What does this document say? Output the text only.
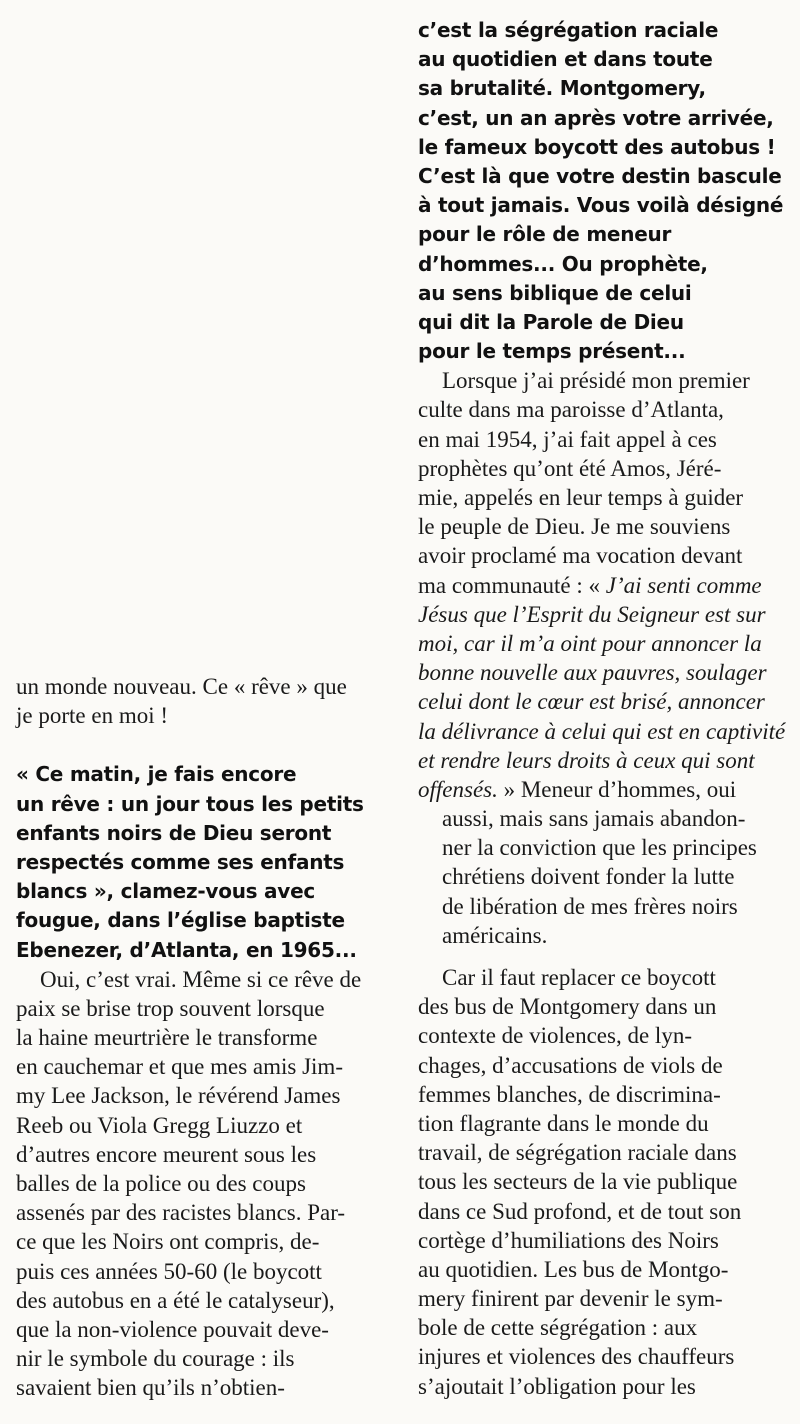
un monde nouveau. Ce « rêve » que
je porte en moi !
« Ce matin, je fais encore
un rêve : un jour tous les petits
enfants noirs de Dieu seront
respectés comme ses enfants
blancs », clamez-vous avec
fougue, dans l’église baptiste
Ebenezer, d’Atlanta, en 1965...
Oui, c’est vrai. Même si ce rêve de
paix se brise trop souvent lorsque
la haine meurtrière le transforme
en cauchemar et que mes amis Jim-
my Lee Jackson, le révérend James
Reeb ou Viola Gregg Liuzzo et
d’autres encore meurent sous les
balles de la police ou des coups
assenés par des racistes blancs. Par-
ce que les Noirs ont compris, de-
puis ces années 50-60 (le boycott
des autobus en a été le catalyseur),
que la non-violence pouvait deve-
nir le symbole du courage : ils
savaient bien qu’ils n’obtien-
c’est la ségrégation raciale
au quotidien et dans toute
sa brutalité. Montgomery,
c’est, un an après votre arrivée,
le fameux boycott des autobus !
C’est là que votre destin bascule
à tout jamais. Vous voilà désigné
pour le rôle de meneur
d’hommes... Ou prophète,
au sens biblique de celui
qui dit la Parole de Dieu
pour le temps présent...
Lorsque j’ai présidé mon premier
culte dans ma paroisse d’Atlanta,
en mai 1954, j’ai fait appel à ces
prophètes qu’ont été Amos, Jéré-
mie, appelés en leur temps à guider
le peuple de Dieu. Je me souviens
avoir proclamé ma vocation devant
ma communauté : « J’ai senti comme
Jésus que l’Esprit du Seigneur est sur
moi, car il m’a oint pour annoncer la
bonne nouvelle aux pauvres, soulager
celui dont le cœur est brisé, annoncer
la délivrance à celui qui est en captivité
et rendre leurs droits à ceux qui sont
offensés. » Meneur d’hommes, oui
aussi, mais sans jamais abandon-
ner la conviction que les principes
chrétiens doivent fonder la lutte
de libération de mes frères noirs
américains.
Car il faut replacer ce boycott
des bus de Montgomery dans un
contexte de violences, de lyn-
chages, d’accusations de viols de
femmes blanches, de discrimina-
tion flagrante dans le monde du
travail, de ségrégation raciale dans
tous les secteurs de la vie publique
dans ce Sud profond, et de tout son
cortège d’humiliations des Noirs
au quotidien. Les bus de Montgo-
mery finirent par devenir le sym-
bole de cette ségrégation : aux
injures et violences des chauffeurs
s’ajoutait l’obligation pour les
